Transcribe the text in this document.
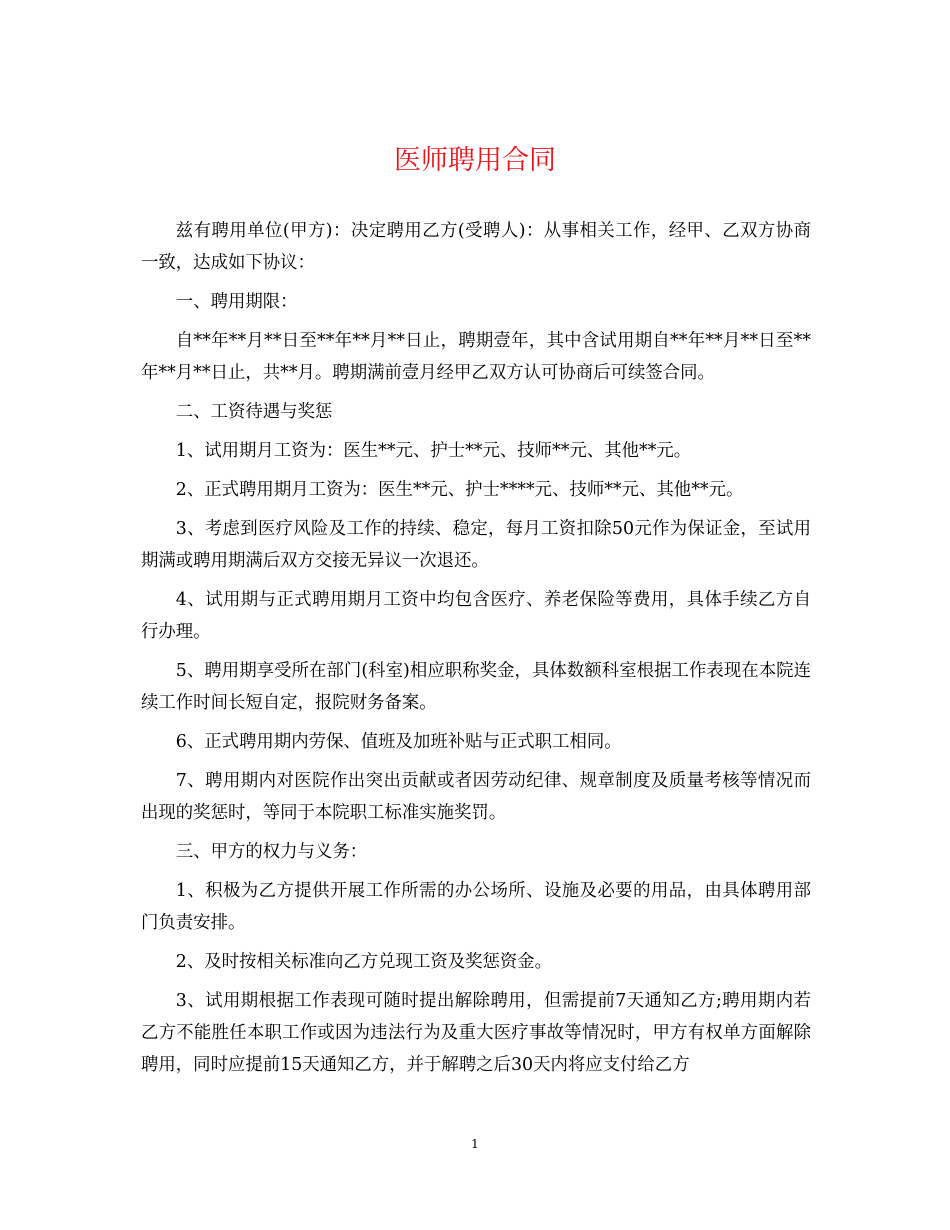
医师聘用合同

兹有聘用单位(甲方)：决定聘用乙方(受聘人)：从事相关工作，经甲、乙双方协商一致，达成如下协议：

一、聘用期限：

自**年**月**日至**年**月**日止，聘期壹年，其中含试用期自**年**月**日至**年**月**日止，共**月。聘期满前壹月经甲乙双方认可协商后可续签合同。

二、工资待遇与奖惩

1、试用期月工资为：医生**元、护士**元、技师**元、其他**元。

2、正式聘用期月工资为：医生**元、护士****元、技师**元、其他**元。

3、考虑到医疗风险及工作的持续、稳定，每月工资扣除50元作为保证金，至试用期满或聘用期满后双方交接无异议一次退还。

4、试用期与正式聘用期月工资中均包含医疗、养老保险等费用，具体手续乙方自行办理。

5、聘用期享受所在部门(科室)相应职称奖金，具体数额科室根据工作表现在本院连续工作时间长短自定，报院财务备案。

6、正式聘用期内劳保、值班及加班补贴与正式职工相同。

7、聘用期内对医院作出突出贡献或者因劳动纪律、规章制度及质量考核等情况而出现的奖惩时，等同于本院职工标准实施奖罚。

三、甲方的权力与义务：

1、积极为乙方提供开展工作所需的办公场所、设施及必要的用品，由具体聘用部门负责安排。

2、及时按相关标准向乙方兑现工资及奖惩资金。

3、试用期根据工作表现可随时提出解除聘用，但需提前7天通知乙方;聘用期内若乙方不能胜任本职工作或因为违法行为及重大医疗事故等情况时，甲方有权单方面解除聘用，同时应提前15天通知乙方，并于解聘之后30天内将应支付给乙方

1
